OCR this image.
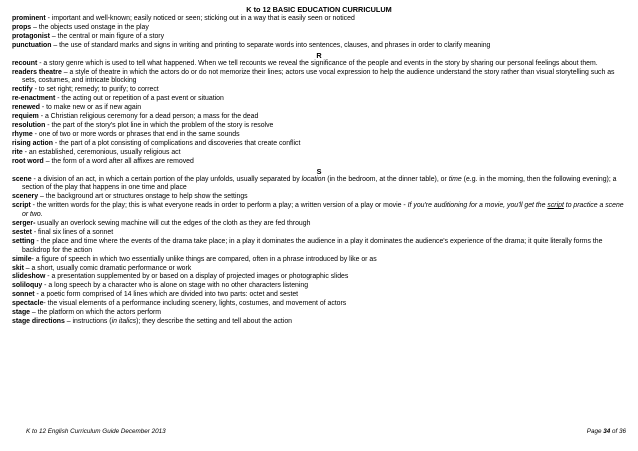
K to 12 BASIC EDUCATION CURRICULUM
prominent - important and well-known; easily noticed or seen; sticking out in a way that is easily seen or noticed
props – the objects used onstage in the play
protagonist – the central or main figure of a story
punctuation – the use of standard marks and signs in writing and printing to separate words into sentences, clauses, and phrases in order to clarify meaning
R
recount - a story genre which is used to tell what happened. When we tell recounts we reveal the significance of the people and events in the story by sharing our personal feelings about them.
readers theatre – a style of theatre in which the actors do or do not memorize their lines; actors use vocal expression to help the audience understand the story rather than visual storytelling such as sets, costumes, and intricate blocking
rectify - to set right; remedy; to purify; to correct
re-enactment - the acting out or repetition of a past event or situation
renewed - to make new or as if new again
requiem - a Christian religious ceremony for a dead person; a mass for the dead
resolution - the part of the story's plot line in which the problem of the story is resolve
rhyme - one of two or more words or phrases that end in the same sounds
rising action - the part of a plot consisting of complications and discoveries that create conflict
rite - an established, ceremonious, usually religious act
root word – the form of a word after all affixes are removed
S
scene - a division of an act, in which a certain portion of the play unfolds, usually separated by location (in the bedroom, at the dinner table), or time (e.g. in the morning, then the following evening); a section of the play that happens in one time and place
scenery – the background art or structures onstage to help show the settings
script - the written words for the play; this is what everyone reads in order to perform a play; a written version of a play or movie - If you're auditioning for a movie, you'll get the script to practice a scene or two.
serger- usually an overlock sewing machine will cut the edges of the cloth as they are fed through
sestet - final six lines of a sonnet
setting - the place and time where the events of the drama take place; in a play it dominates the audience in a play it dominates the audience's experience of the drama; it quite literally forms the backdrop for the action
simile- a figure of speech in which two essentially unlike things are compared, often in a phrase introduced by like or as
skit – a short, usually comic dramatic performance or work
slideshow - a presentation supplemented by or based on a display of projected images or photographic slides
soliloquy - a long speech by a character who is alone on stage with no other characters listening
sonnet - a poetic form comprised of 14 lines which are divided into two parts: octet and sestet
spectacle- the visual elements of a performance including scenery, lights, costumes, and movement of actors
stage – the platform on which the actors perform
stage directions – instructions (in italics); they describe the setting and tell about the action
K to 12 English Curriculum Guide December 2013	Page 34 of 36
